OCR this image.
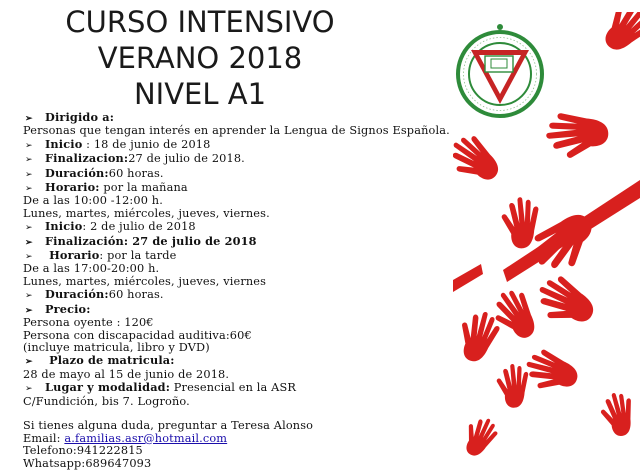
CURSO INTENSIVO
VERANO 2018
NIVEL A1
➢Dirigido a:
Personas que tengan interés en aprender la Lengua de Signos Española.
➢Inicio : 18 de junio de 2018
➢Finalizacion:27 de julio de 2018.
➢Duración:60 horas.
➢Horario: por la mañana
De a las 10:00 -12:00 h.
Lunes, martes, miércoles, jueves, viernes.
➢Inicio: 2 de julio de 2018
➢Finalización: 27 de julio de 2018
➢ Horario: por la tarde
De a las 17:00-20:00 h.
Lunes, martes, miércoles, jueves, viernes
➢Duración:60 horas.
➢Precio:
Persona oyente : 120€
Persona con discapacidad auditiva:60€
(incluye matricula, libro y DVD)
➢ Plazo de matricula:
28 de mayo al 15 de junio de 2018.
➢Lugar y modalidad: Presencial en la ASR
C/Fundición, bis 7. Logroño.
Si tienes alguna duda, preguntar a Teresa Alonso
Email: a.familias.asr@hotmail.com
Telefono:941222815
Whatsapp:689647093
